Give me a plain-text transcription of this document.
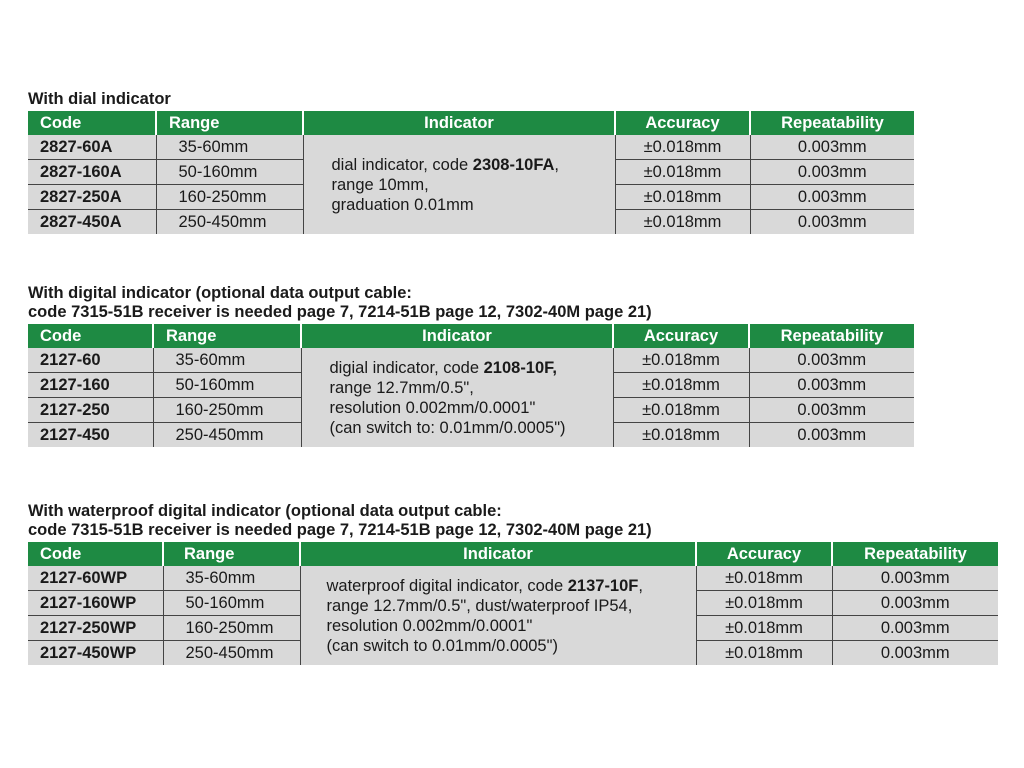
With dial indicator
Code	Range	Indicator	Accuracy	Repeatability
2827-60A	35-60mm	dial indicator, code 2308-10FA,
range 10mm,
graduation 0.01mm	±0.018mm	0.003mm
2827-160A	50-160mm		±0.018mm	0.003mm
2827-250A	160-250mm		±0.018mm	0.003mm
2827-450A	250-450mm		±0.018mm	0.003mm
With digital indicator (optional data output cable:
code 7315-51B receiver is needed page 7, 7214-51B page 12, 7302-40M page 21)
Code	Range	Indicator	Accuracy	Repeatability
2127-60	35-60mm	digial indicator, code 2108-10F,
range 12.7mm/0.5",
resolution 0.002mm/0.0001"
(can switch to: 0.01mm/0.0005")	±0.018mm	0.003mm
2127-160	50-160mm		±0.018mm	0.003mm
2127-250	160-250mm		±0.018mm	0.003mm
2127-450	250-450mm		±0.018mm	0.003mm
With waterproof digital indicator (optional data output cable:
code 7315-51B receiver is needed page 7, 7214-51B page 12, 7302-40M page 21)
Code	Range	Indicator	Accuracy	Repeatability
2127-60WP	35-60mm	waterproof digital indicator, code 2137-10F,
range 12.7mm/0.5", dust/waterproof IP54,
resolution 0.002mm/0.0001"
(can switch to 0.01mm/0.0005")	±0.018mm	0.003mm
2127-160WP	50-160mm		±0.018mm	0.003mm
2127-250WP	160-250mm		±0.018mm	0.003mm
2127-450WP	250-450mm		±0.018mm	0.003mm
